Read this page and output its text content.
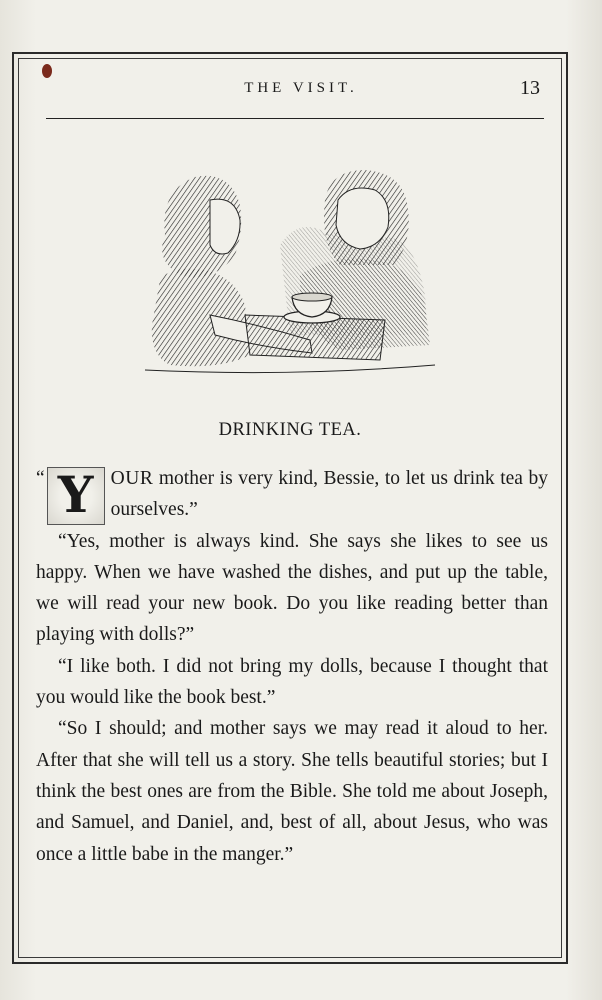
THE VISIT.	13
DRINKING TEA.

“ Y OUR mother is very kind, Bessie, to let us drink tea by ourselves.”

“Yes, mother is always kind. She says she likes to see us happy. When we have washed the dishes, and put up the table, we will read your new book. Do you like reading better than playing with dolls?”

“I like both. I did not bring my dolls, because I thought that you would like the book best.”

“So I should; and mother says we may read it aloud to her. After that she will tell us a story. She tells beautiful stories; but I think the best ones are from the Bible. She told me about Joseph, and Samuel, and Daniel, and, best of all, about Jesus, who was once a little babe in the manger.”
